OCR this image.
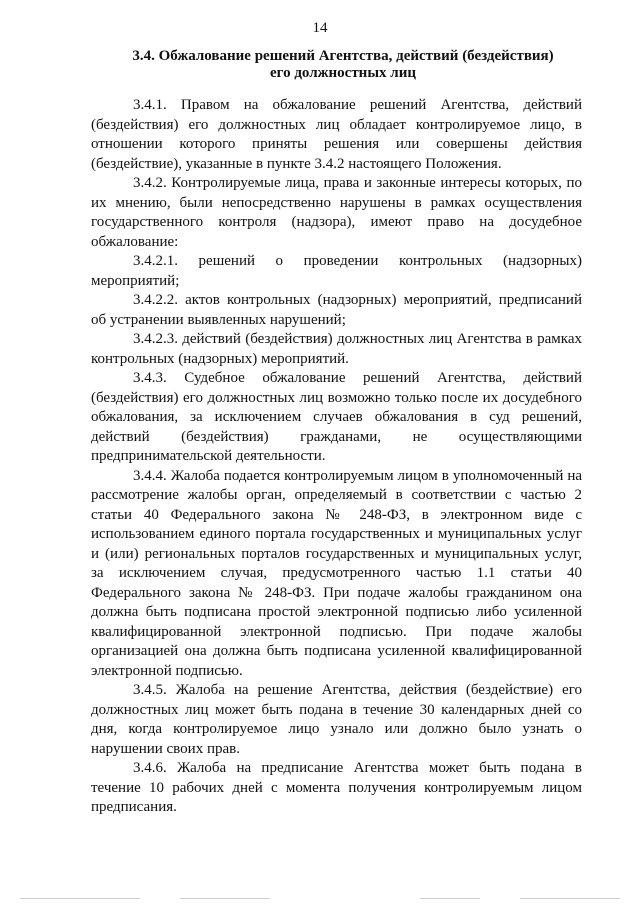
14
3.4. Обжалование решений Агентства, действий (бездействия)
его должностных лиц

3.4.1. Правом на обжалование решений Агентства, действий (бездействия) его должностных лиц обладает контролируемое лицо, в отношении которого приняты решения или совершены действия (бездействие), указанные в пункте 3.4.2 настоящего Положения.

3.4.2. Контролируемые лица, права и законные интересы которых, по их мнению, были непосредственно нарушены в рамках осуществления государственного контроля (надзора), имеют право на досудебное обжалование:

3.4.2.1. решений о проведении контрольных (надзорных) мероприятий;

3.4.2.2. актов контрольных (надзорных) мероприятий, предписаний об устранении выявленных нарушений;

3.4.2.3. действий (бездействия) должностных лиц Агентства в рамках контрольных (надзорных) мероприятий.

3.4.3. Судебное обжалование решений Агентства, действий (бездействия) его должностных лиц возможно только после их досудебного обжалования, за исключением случаев обжалования в суд решений, действий (бездействия) гражданами, не осуществляющими предпринимательской деятельности.

3.4.4. Жалоба подается контролируемым лицом в уполномоченный на рассмотрение жалобы орган, определяемый в соответствии с частью 2 статьи 40 Федерального закона № 248-ФЗ, в электронном виде с использованием единого портала государственных и муниципальных услуг и (или) региональных порталов государственных и муниципальных услуг, за исключением случая, предусмотренного частью 1.1 статьи 40 Федерального закона № 248-ФЗ. При подаче жалобы гражданином она должна быть подписана простой электронной подписью либо усиленной квалифицированной электронной подписью. При подаче жалобы организацией она должна быть подписана усиленной квалифицированной электронной подписью.

3.4.5. Жалоба на решение Агентства, действия (бездействие) его должностных лиц может быть подана в течение 30 календарных дней со дня, когда контролируемое лицо узнало или должно было узнать о нарушении своих прав.

3.4.6. Жалоба на предписание Агентства может быть подана в течение 10 рабочих дней с момента получения контролируемым лицом предписания.
